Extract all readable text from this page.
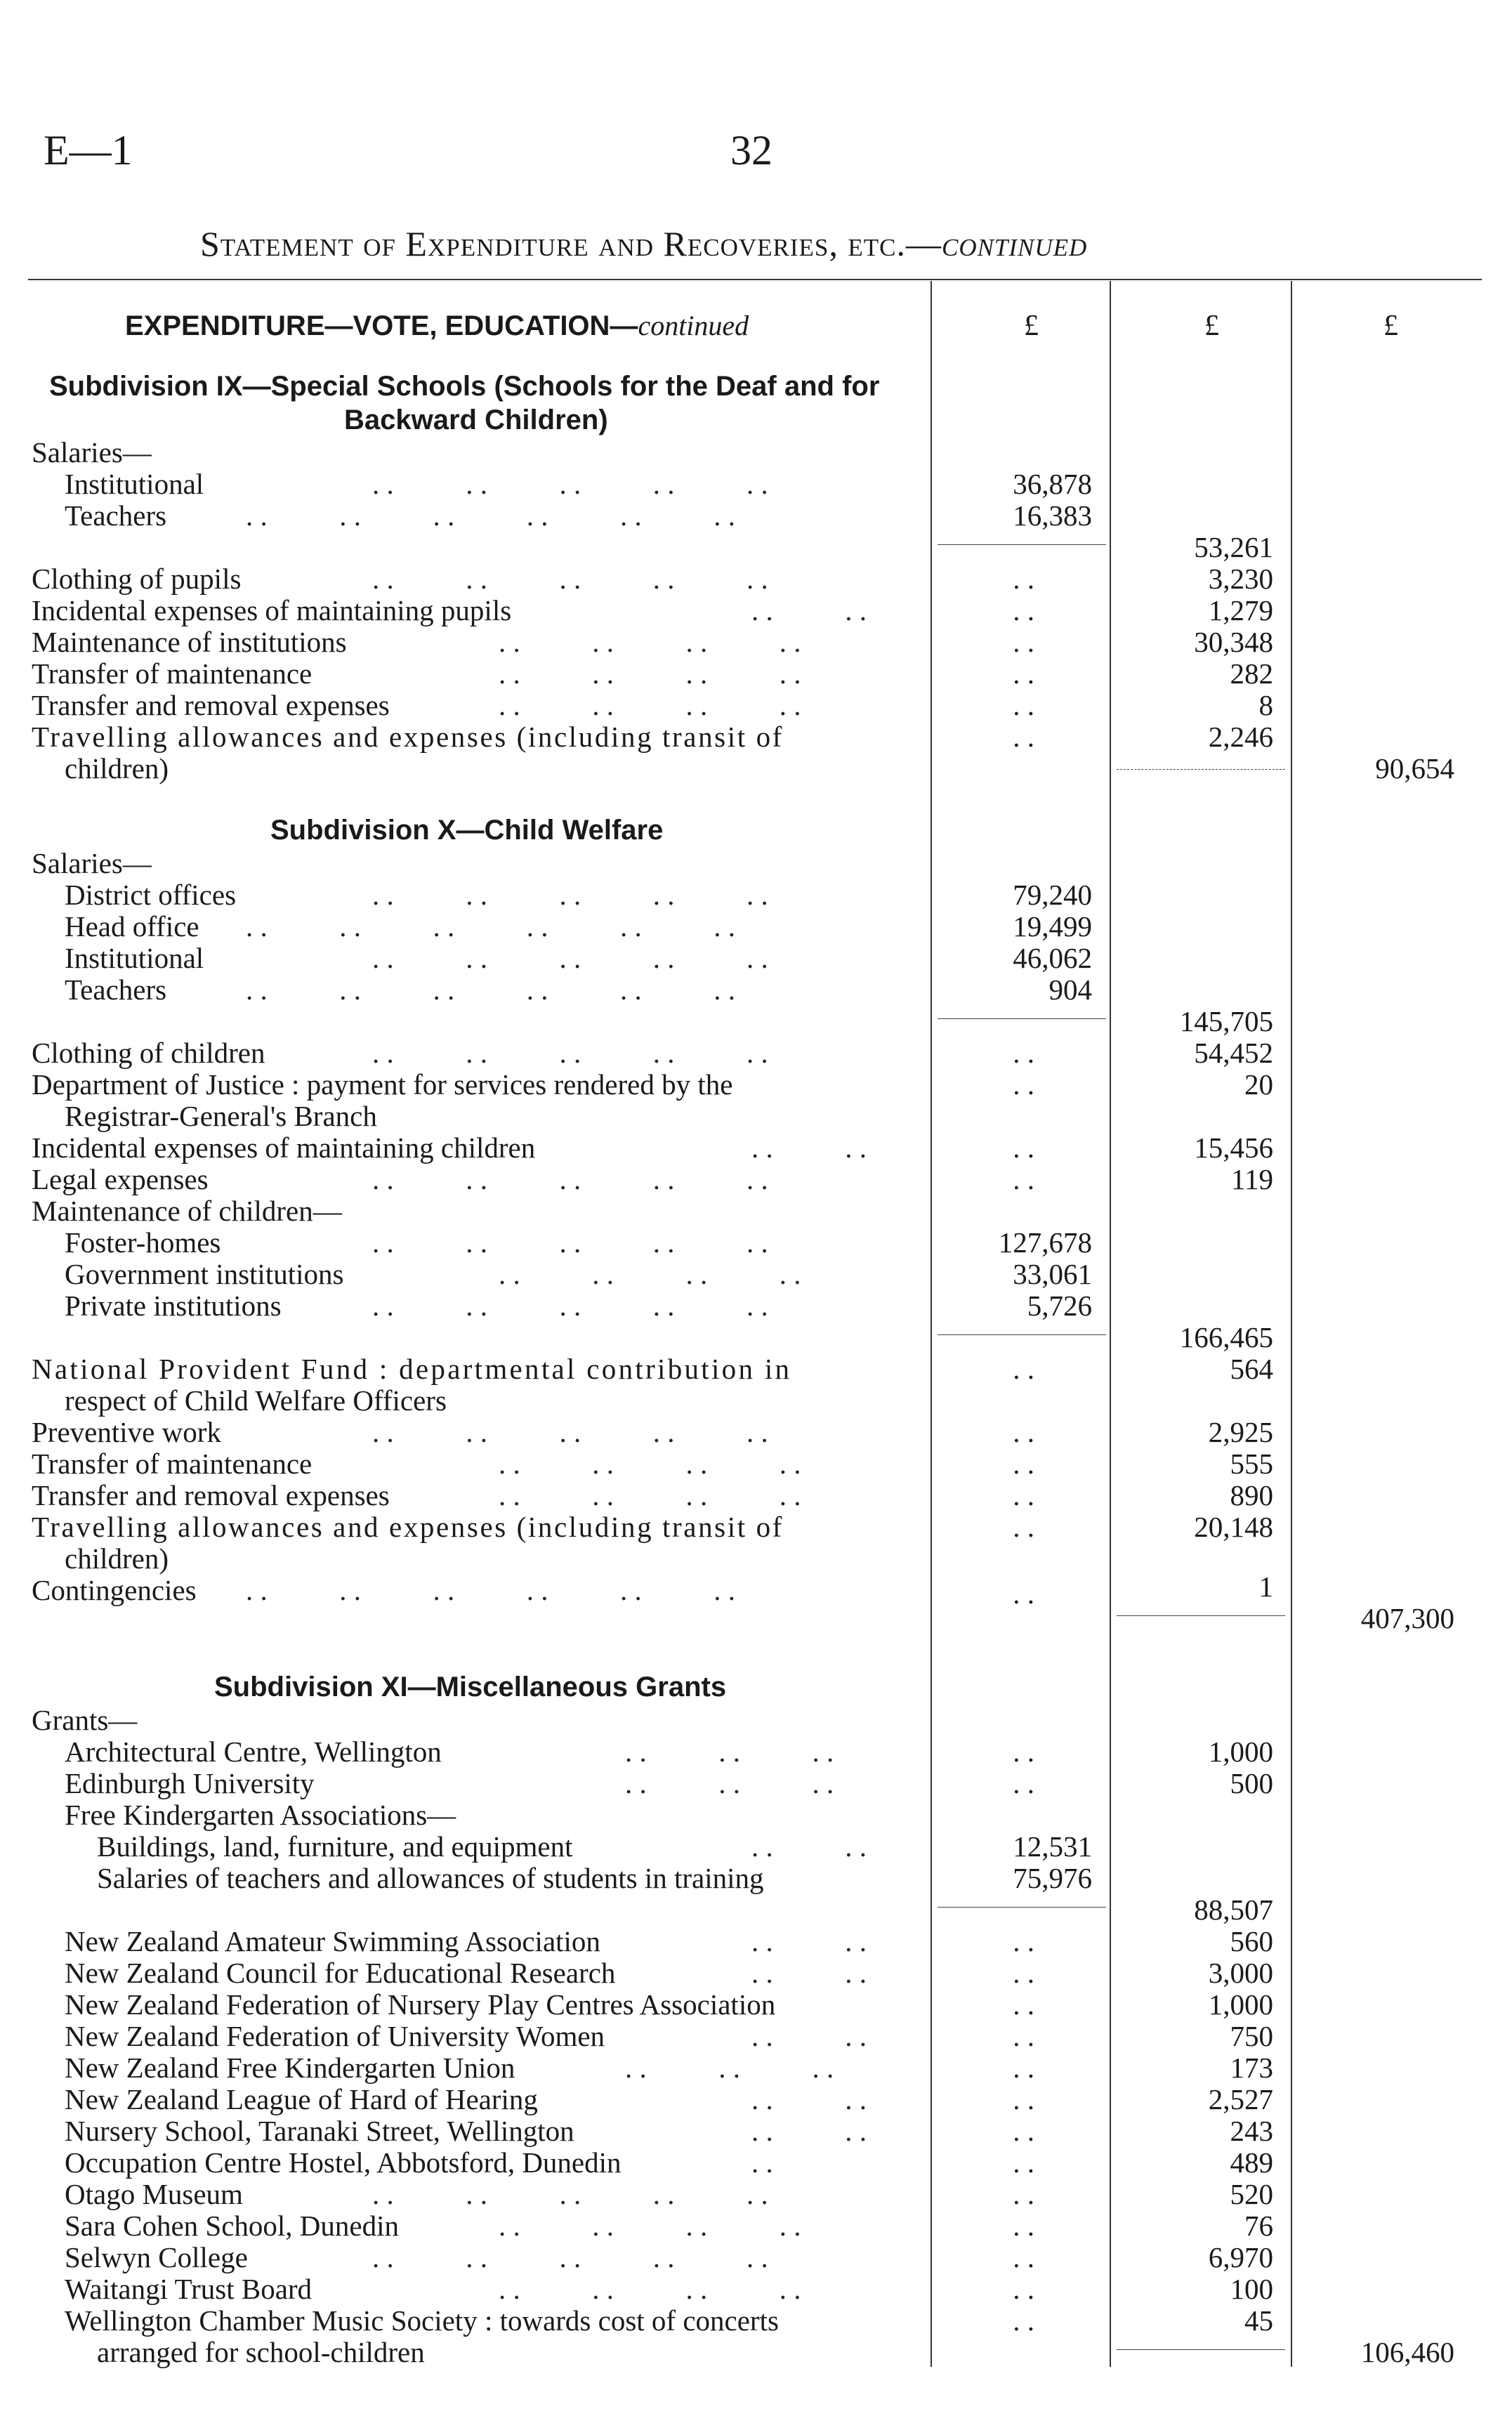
E—1	32
Statement of Expenditure and Recoveries, etc.—continued
EXPENDITURE—VOTE, EDUCATION—continued	£	£	£
Subdivision IX—Special Schools (Schools for the Deaf and for
Backward Children)
Salaries—
Institutional	. .          . .          . .          . .          . .	36,878
Teachers	. .          . .          . .          . .          . .          . .	16,383
53,261
Clothing of pupils	. .          . .          . .          . .          . .	. .	3,230
Incidental expenses of maintaining pupils	. .          . .	. .	1,279
Maintenance of institutions	. .          . .          . .          . .	. .	30,348
Transfer of maintenance	. .          . .          . .          . .	. .	282
Transfer and removal expenses	. .          . .          . .          . .	. .	8
Travelling allowances and expenses (including transit of
children)
. .	2,246
90,654
Subdivision X—Child Welfare
Salaries—
District offices	. .          . .          . .          . .          . .	79,240
Head office . .          . .          . .          . .          . .          . .	19,499
Institutional	. .          . .          . .          . .          . .	46,062
Teachers	. .          . .          . .          . .          . .          . .	904
145,705
Clothing of children	. .          . .          . .          . .          . .	. .	54,452
Department of Justice : payment for services rendered by the
Registrar-General's Branch
. .	20
Incidental expenses of maintaining children	. .          . .	. .	15,456
Legal expenses	. .          . .          . .          . .          . .	. .	119
Maintenance of children—
Foster-homes	. .          . .          . .          . .          . .	127,678
Government institutions	. .          . .          . .          . .	33,061
Private institutions	. .          . .          . .          . .          . .	5,726
166,465
National Provident Fund : departmental contribution in
respect of Child Welfare Officers
. .	564
Preventive work	. .          . .          . .          . .          . .	. .	2,925
Transfer of maintenance	. .          . .          . .          . .	. .	555
Transfer and removal expenses	. .          . .          . .          . .	. .	890
Travelling allowances and expenses (including transit of
children)
. .	20,148
Contingencies . .          . .          . .          . .          . .          . .	. .	1
407,300
Subdivision XI—Miscellaneous Grants
Grants—
Architectural Centre, Wellington	. .          . .          . .	. .	1,000
Edinburgh University	. .          . .          . .	. .	500
Free Kindergarten Associations—
Buildings, land, furniture, and equipment	. .          . .	12,531
Salaries of teachers and allowances of students in training	75,976
88,507
New Zealand Amateur Swimming Association	. .          . .	. .	560
New Zealand Council for Educational Research	. .          . .	. .	3,000
New Zealand Federation of Nursery Play Centres Association	. .	1,000
New Zealand Federation of University Women	. .          . .	. .	750
New Zealand Free Kindergarten Union	. .          . .          . .	. .	173
New Zealand League of Hard of Hearing	. .          . .	. .	2,527
Nursery School, Taranaki Street, Wellington	. .          . .	. .	243
Occupation Centre Hostel, Abbotsford, Dunedin	. .	. .	489
Otago Museum	. .          . .          . .          . .          . .	. .	520
Sara Cohen School, Dunedin	. .          . .          . .          . .	. .	76
Selwyn College	. .          . .          . .          . .          . .	. .	6,970
Waitangi Trust Board	. .          . .          . .          . .	. .	100
Wellington Chamber Music Society : towards cost of concerts
arranged for school-children
. .	45
106,460
